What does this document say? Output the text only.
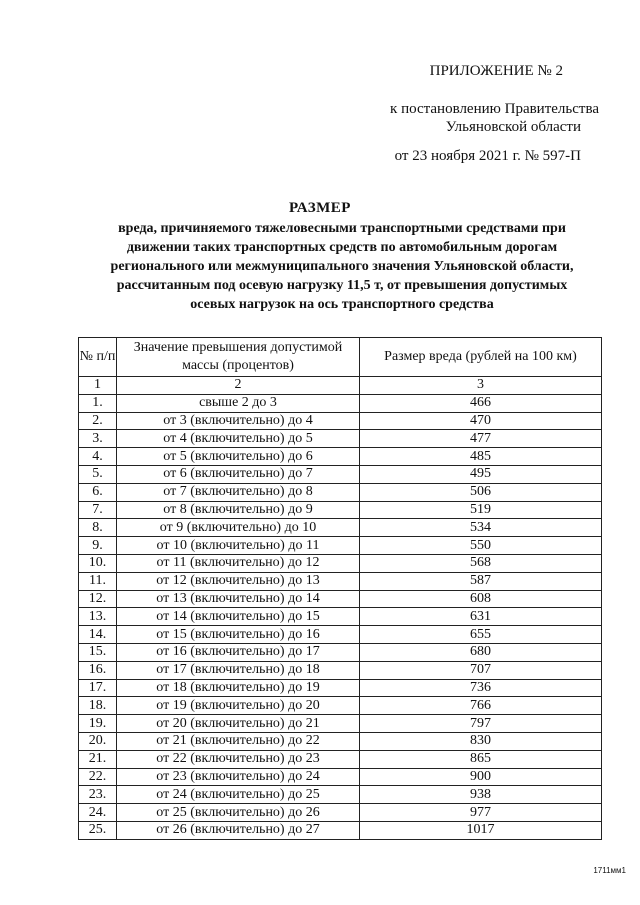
ПРИЛОЖЕНИЕ № 2
к постановлению Правительства
Ульяновской области
от 23 ноября 2021 г. № 597-П
РАЗМЕР
вреда, причиняемого тяжеловесными транспортными средствами при движении таких транспортных средств по автомобильным дорогам регионального или межмуниципального значения Ульяновской области, рассчитанным под осевую нагрузку 11,5 т, от превышения допустимых осевых нагрузок на ось транспортного средства
№ п/п	Значение превышения допустимой массы (процентов)	Размер вреда (рублей на 100 км)
1	2	3
1.	свыше 2 до 3	466
2.	от 3 (включительно) до 4	470
3.	от 4 (включительно) до 5	477
4.	от 5 (включительно) до 6	485
5.	от 6 (включительно) до 7	495
6.	от 7 (включительно) до 8	506
7.	от 8 (включительно) до 9	519
8.	от 9 (включительно) до 10	534
9.	от 10 (включительно) до 11	550
10.	от 11 (включительно) до 12	568
11.	от 12 (включительно) до 13	587
12.	от 13 (включительно) до 14	608
13.	от 14 (включительно) до 15	631
14.	от 15 (включительно) до 16	655
15.	от 16 (включительно) до 17	680
16.	от 17 (включительно) до 18	707
17.	от 18 (включительно) до 19	736
18.	от 19 (включительно) до 20	766
19.	от 20 (включительно) до 21	797
20.	от 21 (включительно) до 22	830
21.	от 22 (включительно) до 23	865
22.	от 23 (включительно) до 24	900
23.	от 24 (включительно) до 25	938
24.	от 25 (включительно) до 26	977
25.	от 26 (включительно) до 27	1017
1711мм1
